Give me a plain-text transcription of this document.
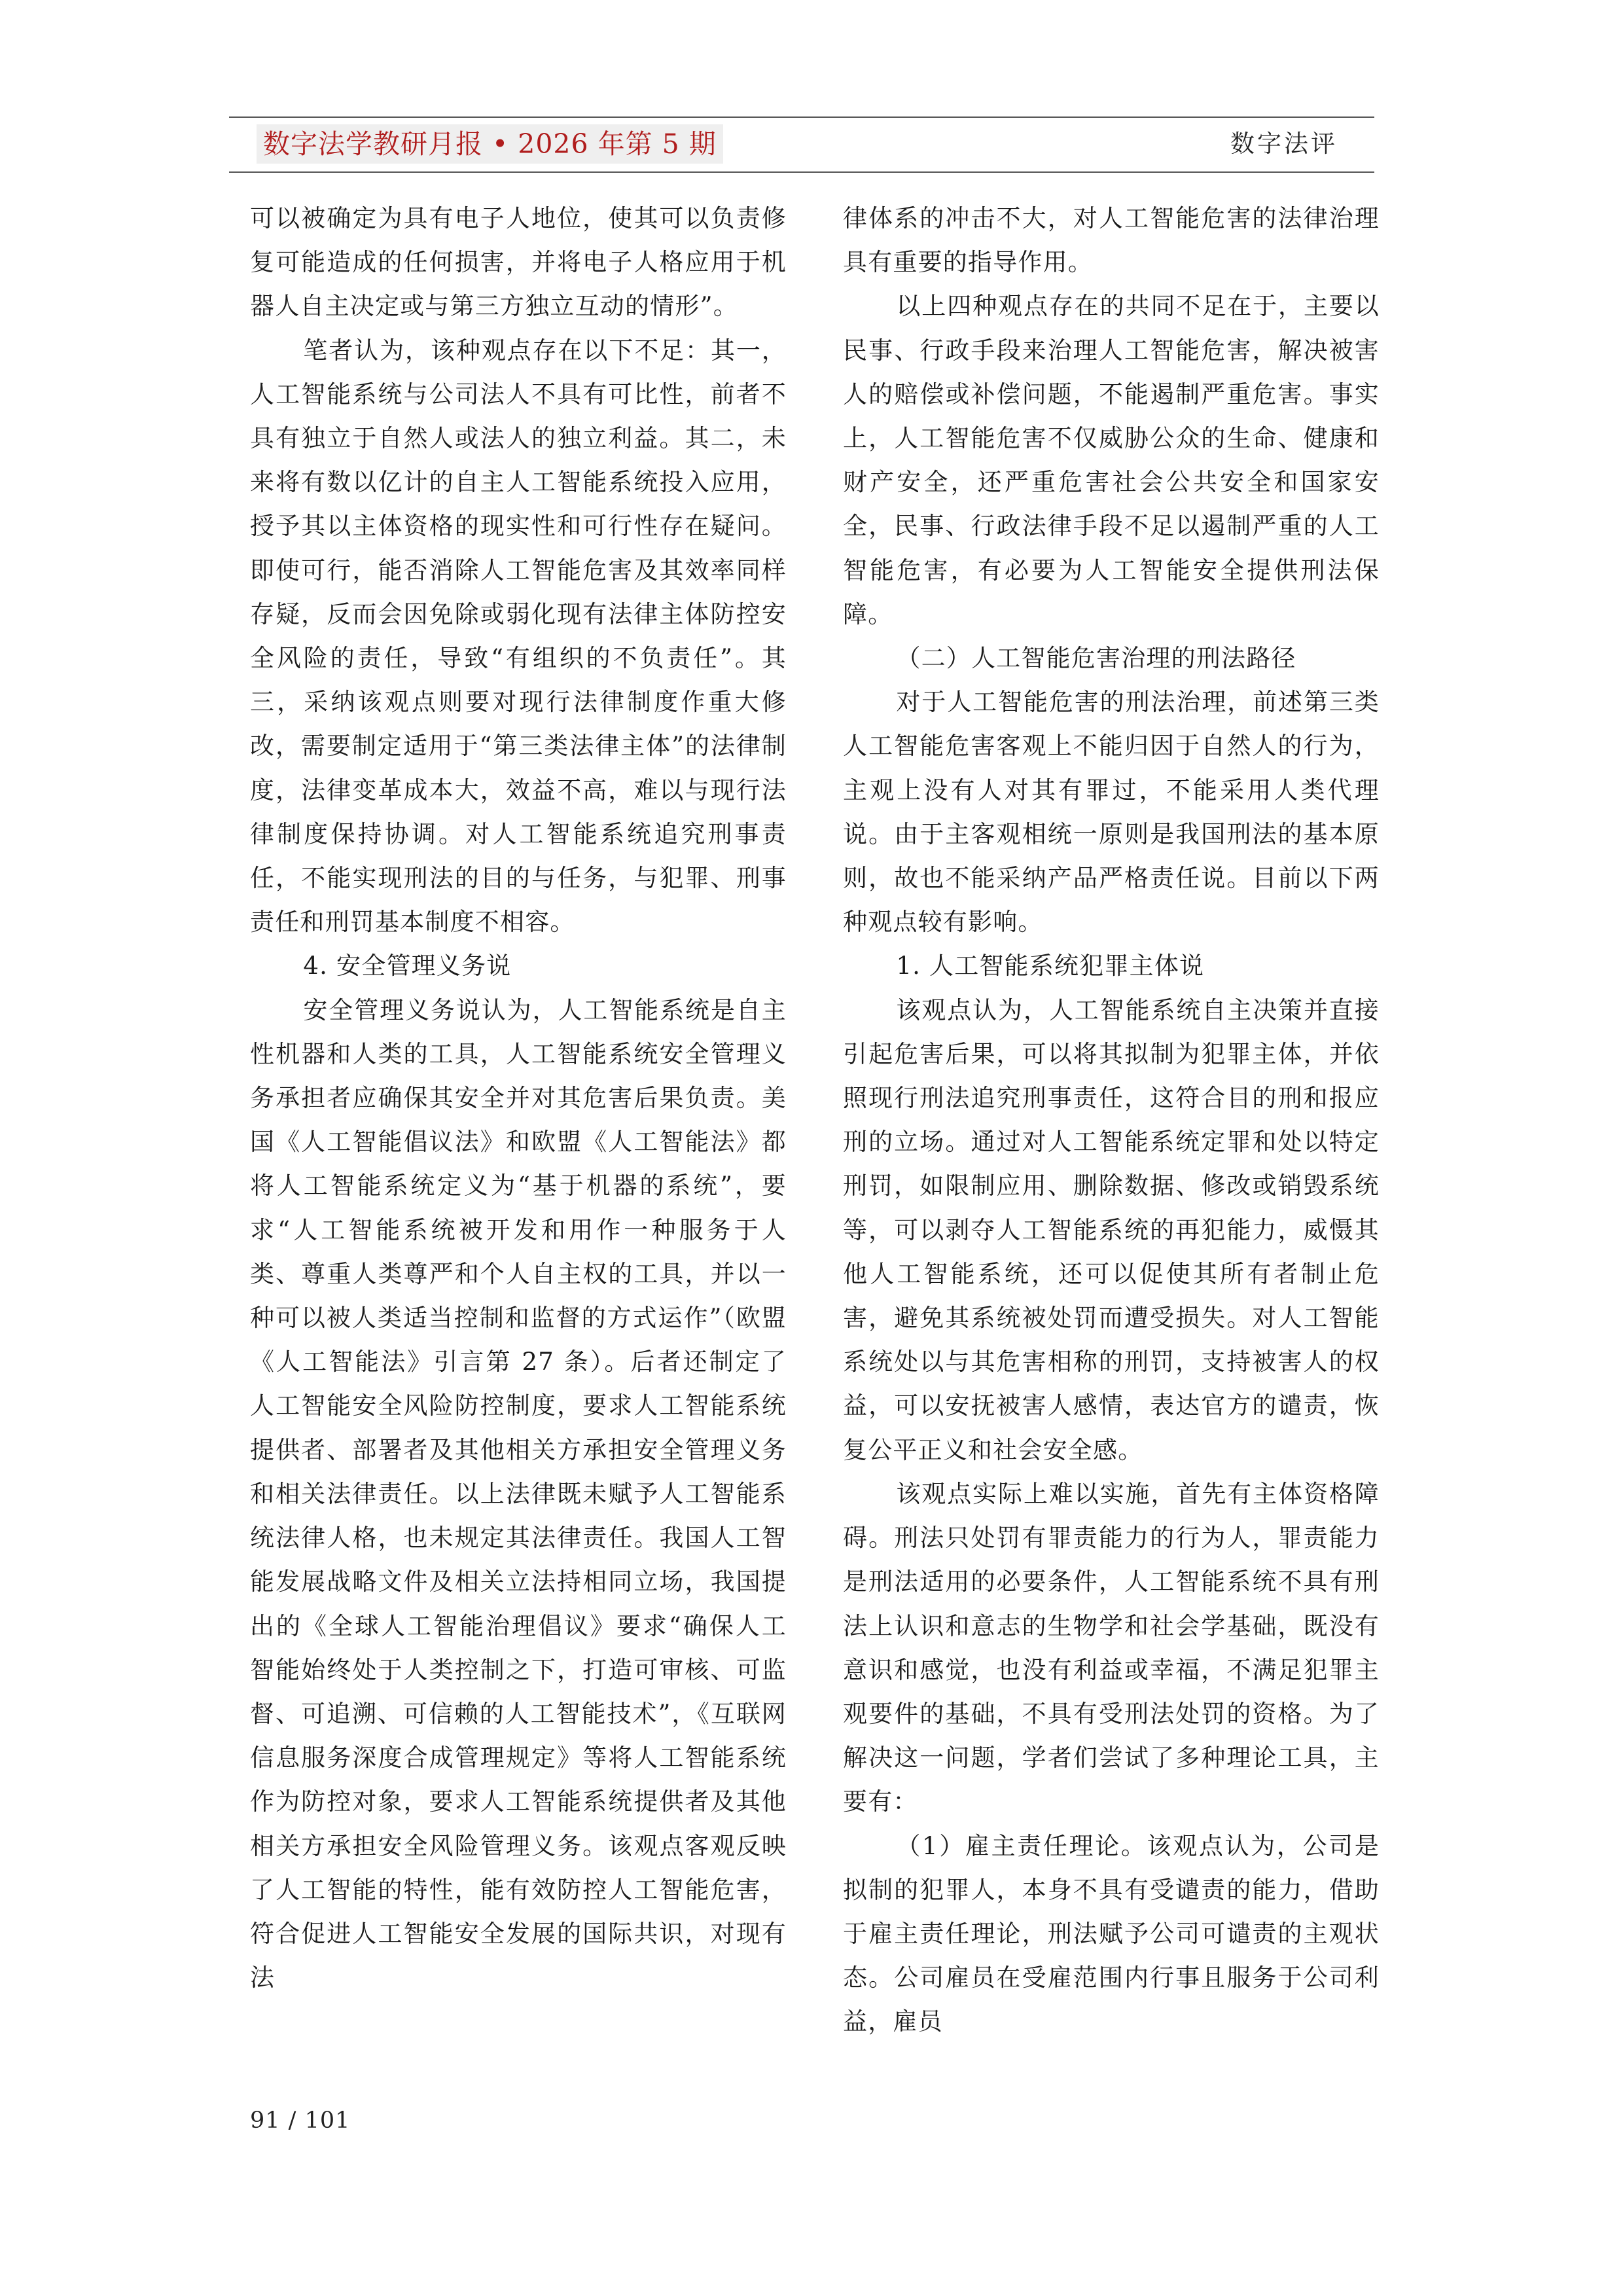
数字法学教研月报 • 2026 年第 5 期	数字法评

可以被确定为具有电子人地位，使其可以负责修复可能造成的任何损害，并将电子人格应用于机器人自主决定或与第三方独立互动的情形”。

笔者认为，该种观点存在以下不足：其一，人工智能系统与公司法人不具有可比性，前者不具有独立于自然人或法人的独立利益。其二，未来将有数以亿计的自主人工智能系统投入应用，授予其以主体资格的现实性和可行性存在疑问。即使可行，能否消除人工智能危害及其效率同样存疑，反而会因免除或弱化现有法律主体防控安全风险的责任，导致“有组织的不负责任”。其三，采纳该观点则要对现行法律制度作重大修改，需要制定适用于“第三类法律主体”的法律制度，法律变革成本大，效益不高，难以与现行法律制度保持协调。对人工智能系统追究刑事责任，不能实现刑法的目的与任务，与犯罪、刑事责任和刑罚基本制度不相容。

4. 安全管理义务说

安全管理义务说认为，人工智能系统是自主性机器和人类的工具，人工智能系统安全管理义务承担者应确保其安全并对其危害后果负责。美国《人工智能倡议法》和欧盟《人工智能法》都将人工智能系统定义为“基于机器的系统”，要求“人工智能系统被开发和用作一种服务于人类、尊重人类尊严和个人自主权的工具，并以一种可以被人类适当控制和监督的方式运作”（欧盟《人工智能法》引言第 27 条）。后者还制定了人工智能安全风险防控制度，要求人工智能系统提供者、部署者及其他相关方承担安全管理义务和相关法律责任。以上法律既未赋予人工智能系统法律人格，也未规定其法律责任。我国人工智能发展战略文件及相关立法持相同立场，我国提出的《全球人工智能治理倡议》要求“确保人工智能始终处于人类控制之下，打造可审核、可监督、可追溯、可信赖的人工智能技术”，《互联网信息服务深度合成管理规定》等将人工智能系统作为防控对象，要求人工智能系统提供者及其他相关方承担安全风险管理义务。该观点客观反映了人工智能的特性，能有效防控人工智能危害，符合促进人工智能安全发展的国际共识，对现有法

律体系的冲击不大，对人工智能危害的法律治理具有重要的指导作用。

以上四种观点存在的共同不足在于，主要以民事、行政手段来治理人工智能危害，解决被害人的赔偿或补偿问题，不能遏制严重危害。事实上，人工智能危害不仅威胁公众的生命、健康和财产安全，还严重危害社会公共安全和国家安全，民事、行政法律手段不足以遏制严重的人工智能危害，有必要为人工智能安全提供刑法保障。

（二）人工智能危害治理的刑法路径

对于人工智能危害的刑法治理，前述第三类人工智能危害客观上不能归因于自然人的行为，主观上没有人对其有罪过，不能采用人类代理说。由于主客观相统一原则是我国刑法的基本原则，故也不能采纳产品严格责任说。目前以下两种观点较有影响。

1. 人工智能系统犯罪主体说

该观点认为，人工智能系统自主决策并直接引起危害后果，可以将其拟制为犯罪主体，并依照现行刑法追究刑事责任，这符合目的刑和报应刑的立场。通过对人工智能系统定罪和处以特定刑罚，如限制应用、删除数据、修改或销毁系统等，可以剥夺人工智能系统的再犯能力，威慑其他人工智能系统，还可以促使其所有者制止危害，避免其系统被处罚而遭受损失。对人工智能系统处以与其危害相称的刑罚，支持被害人的权益，可以安抚被害人感情，表达官方的谴责，恢复公平正义和社会安全感。

该观点实际上难以实施，首先有主体资格障碍。刑法只处罚有罪责能力的行为人，罪责能力是刑法适用的必要条件，人工智能系统不具有刑法上认识和意志的生物学和社会学基础，既没有意识和感觉，也没有利益或幸福，不满足犯罪主观要件的基础，不具有受刑法处罚的资格。为了解决这一问题，学者们尝试了多种理论工具，主要有：

（1）雇主责任理论。该观点认为，公司是拟制的犯罪人，本身不具有受谴责的能力，借助于雇主责任理论，刑法赋予公司可谴责的主观状态。公司雇员在受雇范围内行事且服务于公司利益，雇员

91 / 101
